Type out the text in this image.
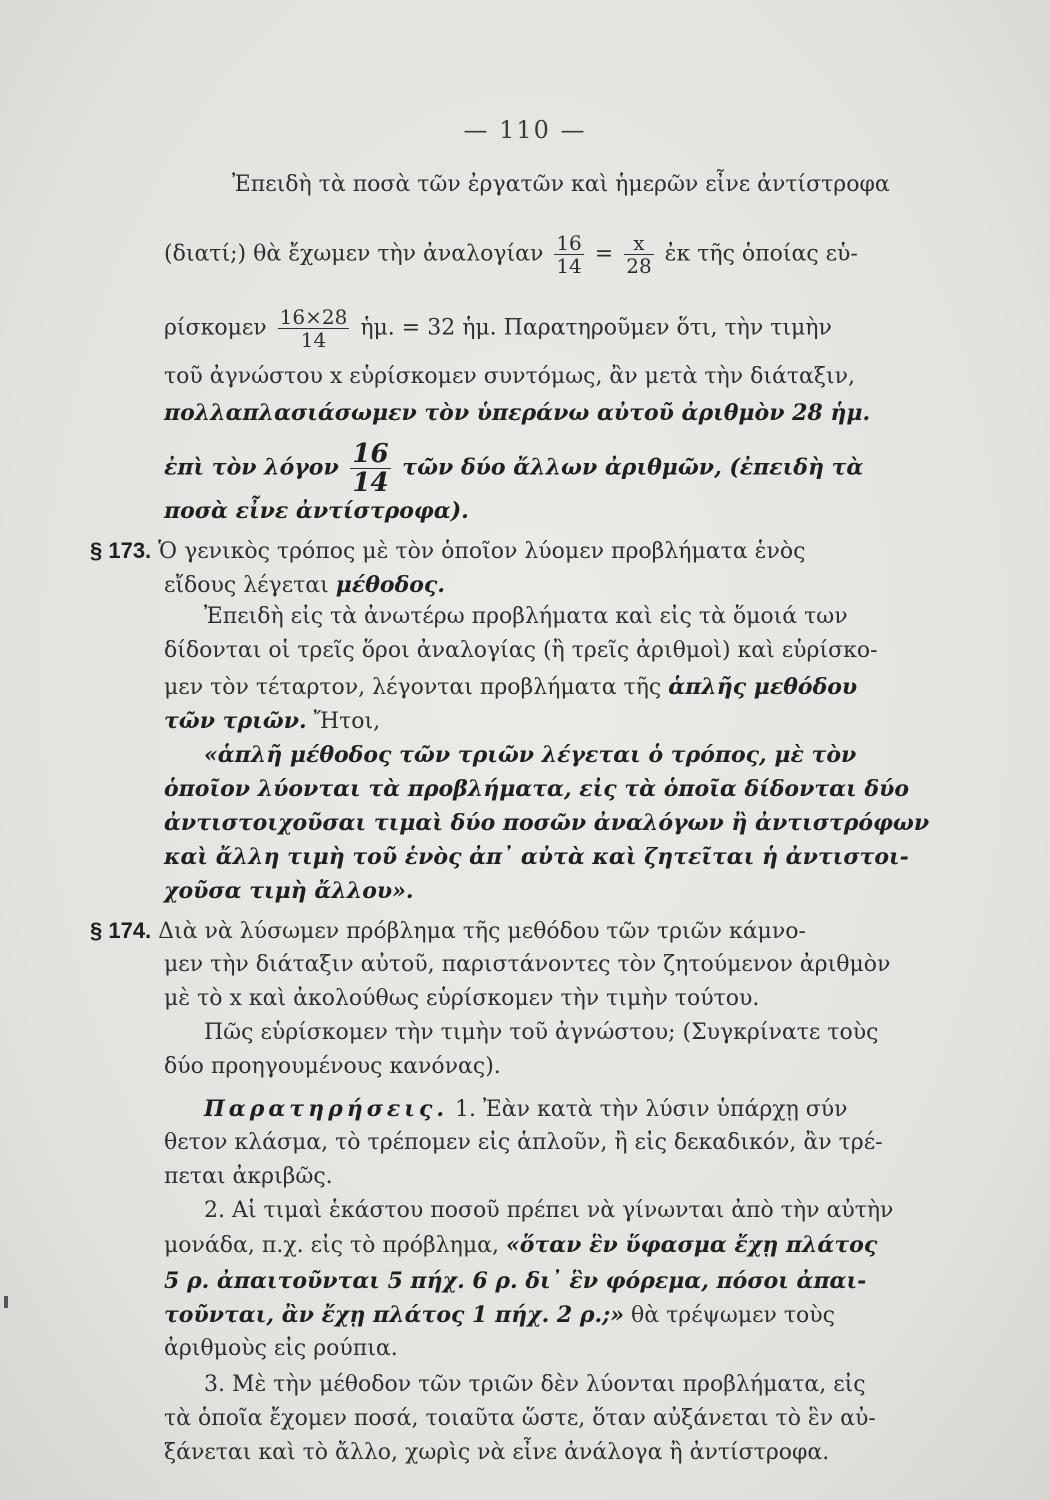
— 110 —
Ἐπειδὴ τὰ ποσὰ τῶν ἐργατῶν καὶ ἡμερῶν εἶνε ἀντίστροφα
(διατί;) θὰ ἔχωμεν τὴν ἀναλογίαν $\frac{16}{14} = \frac{x}{28}$ ἐκ τῆς ὁποίας εὑ-
ρίσκομεν $\frac{16\times 28}{14}$ ἡμ. = 32 ἡμ. Παρατηροῦμεν ὅτι, τὴν τιμὴν
τοῦ ἀγνώστου x εὑρίσκομεν συντόμως, ἂν μετὰ τὴν διάταξιν,
πολλαπλασιάσωμεν τὸν ὑπεράνω αὐτοῦ ἀριθμὸν 28 ἡμ.
ἐπὶ τὸν λόγον $\frac{16}{14}$ τῶν δύο ἄλλων ἀριθμῶν, (ἐπειδὴ τὰ
ποσὰ εἶνε ἀντίστροφα).
§ 173. Ὁ γενικὸς τρόπος μὲ τὸν ὁποῖον λύομεν προβλήματα ἑνὸς
εἴδους λέγεται μέθοδος.
Ἐπειδὴ εἰς τὰ ἀνωτέρω προβλήματα καὶ εἰς τὰ ὅμοιά των
δίδονται οἱ τρεῖς ὅροι ἀναλογίας (ἢ τρεῖς ἀριθμοὶ) καὶ εὑρίσκο-
μεν τὸν τέταρτον, λέγονται προβλήματα τῆς ἁπλῆς μεθόδου
τῶν τριῶν. Ἤτοι,
«ἁπλῆ μέθοδος τῶν τριῶν λέγεται ὁ τρόπος, μὲ τὸν
ὁποῖον λύονται τὰ προβλήματα, εἰς τὰ ὁποῖα δίδονται δύο
ἀντιστοιχοῦσαι τιμαὶ δύο ποσῶν ἀναλόγων ἢ ἀντιστρόφων
καὶ ἄλλη τιμὴ τοῦ ἑνὸς ἀπ᾿ αὐτὰ καὶ ζητεῖται ἡ ἀντιστοι-
χοῦσα τιμὴ ἄλλου».
§ 174. Διὰ νὰ λύσωμεν πρόβλημα τῆς μεθόδου τῶν τριῶν κάμνο-
μεν τὴν διάταξιν αὐτοῦ, παριστάνοντες τὸν ζητούμενον ἀριθμὸν
μὲ τὸ x καὶ ἀκολούθως εὑρίσκομεν τὴν τιμὴν τούτου.
Πῶς εὑρίσκομεν τὴν τιμὴν τοῦ ἀγνώστου; (Συγκρίνατε τοὺς
δύο προηγουμένους κανόνας).
Παρατηρήσεις. 1. Ἐὰν κατὰ τὴν λύσιν ὑπάρχῃ σύν
θετον κλάσμα, τὸ τρέπομεν εἰς ἁπλοῦν, ἢ εἰς δεκαδικόν, ἂν τρέ-
πεται ἀκριβῶς.
2. Αἱ τιμαὶ ἑκάστου ποσοῦ πρέπει νὰ γίνωνται ἀπὸ τὴν αὐτὴν
μονάδα, π.χ. εἰς τὸ πρόβλημα, «ὅταν ἓν ὕφασμα ἔχῃ πλάτος
5 ρ. ἀπαιτοῦνται 5 πήχ. 6 ρ. δι᾿ ἓν φόρεμα, πόσοι ἀπαι-
τοῦνται, ἂν ἔχῃ πλάτος 1 πήχ. 2 ρ.;» θὰ τρέψωμεν τοὺς
ἀριθμοὺς εἰς ρούπια.
3. Μὲ τὴν μέθοδον τῶν τριῶν δὲν λύονται προβλήματα, εἰς
τὰ ὁποῖα ἔχομεν ποσά, τοιαῦτα ὥστε, ὅταν αὐξάνεται τὸ ἓν αὐ-
ξάνεται καὶ τὸ ἄλλο, χωρὶς νὰ εἶνε ἀνάλογα ἢ ἀντίστροφα.
